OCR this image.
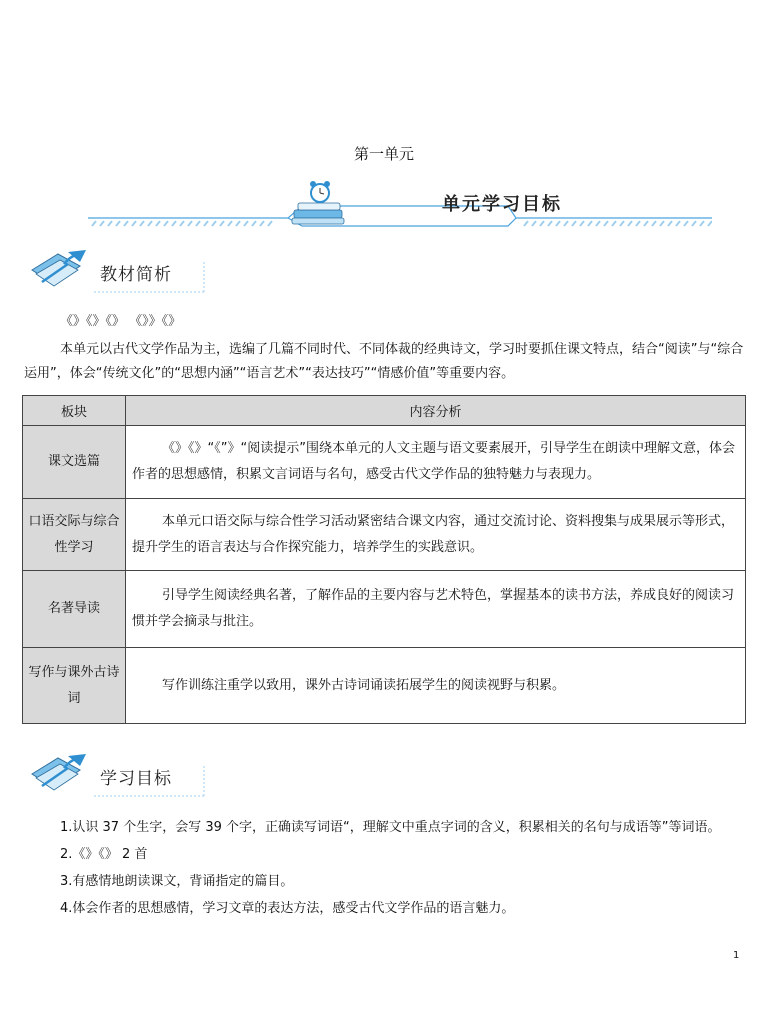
第一单元
单元学习目标
教材简析
《》《》《》 《》》《》
本单元以古代文学作品为主，选编了几篇不同时代、不同体裁的经典诗文，学习时要抓住课文特点，结合“阅读”与“综合运用”，体会“传统文化”的“思想内涵”“语言艺术”“表达技巧”“情感价值”等重要内容。
板块	内容分析
课文选篇	《》《》“《”》“阅读提示”围绕本单元的人文主题与语文要素展开，引导学生在朗读中理解文意，体会作者的思想感情，积累文言词语与名句，感受古代文学作品的独特魅力与表现力。
口语交际与综合性学习	本单元口语交际与综合性学习活动紧密结合课文内容，通过交流讨论、资料搜集与成果展示等形式，提升学生的语言表达与合作探究能力，培养学生的实践意识。
名著导读	引导学生阅读经典名著，了解作品的主要内容与艺术特色，掌握基本的读书方法，养成良好的阅读习惯并学会摘录与批注。
写作与课外古诗词	写作训练注重学以致用，课外古诗词诵读拓展学生的阅读视野与积累。
学习目标
1.认识 37 个生字，会写 39 个字，正确读写词语“，理解文中重点字词的含义，积累相关的名句与成语等”等词语。
2.《》《》 2 首
3.有感情地朗读课文，背诵指定的篇目。
4.体会作者的思想感情，学习文章的表达方法，感受古代文学作品的语言魅力。
1
